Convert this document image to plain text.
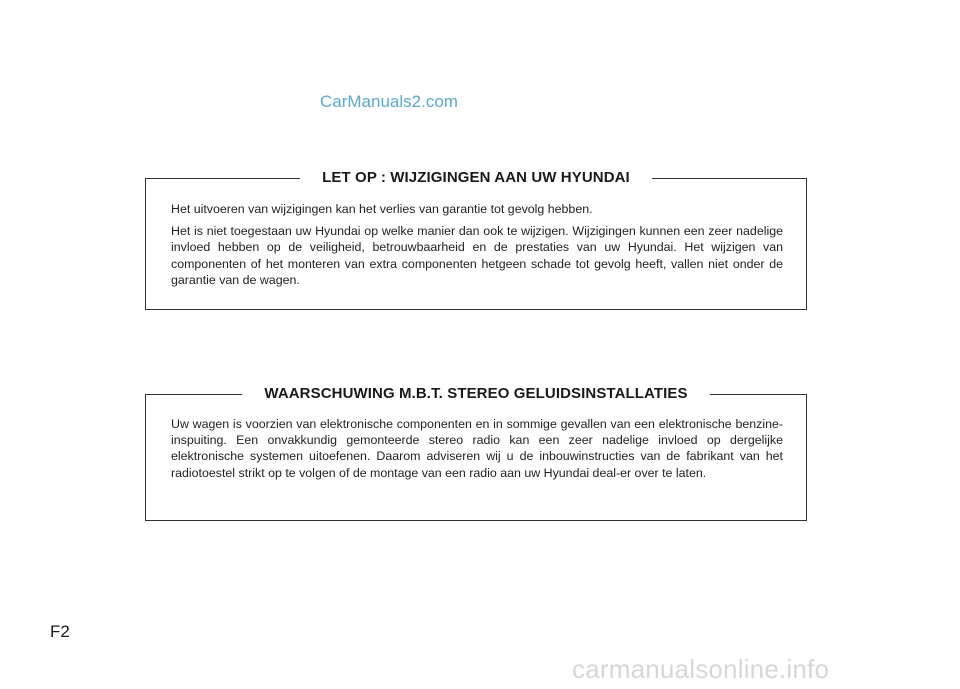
CarManuals2.com
LET OP : WIJZIGINGEN AAN UW HYUNDAI

Het uitvoeren van wijzigingen kan het verlies van garantie tot gevolg hebben.

Het is niet toegestaan uw Hyundai op welke manier dan ook te wijzigen. Wijzigingen kunnen een zeer nadelige invloed hebben op de veiligheid, betrouwbaarheid en de prestaties van uw Hyundai. Het wijzigen van componenten of het monteren van extra componenten hetgeen schade tot gevolg heeft, vallen niet onder de garantie van de wagen.

WAARSCHUWING M.B.T. STEREO GELUIDSINSTALLATIES

Uw wagen is voorzien van elektronische componenten en in sommige gevallen van een elektronische benzine-inspuiting. Een onvakkundig gemonteerde stereo radio kan een zeer nadelige invloed op dergelijke elektronische systemen uitoefenen. Daarom adviseren wij u de inbouwinstructies van de fabrikant van het radiotoestel strikt op te volgen of de montage van een radio aan uw Hyundai deal-er over te laten.

F2
carmanualsonline.info
